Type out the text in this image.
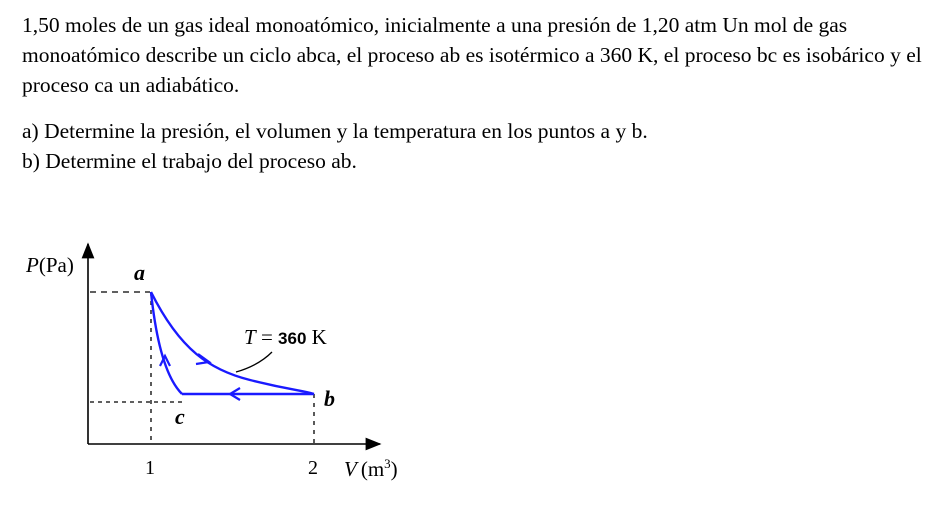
1,50 moles de un gas ideal monoatómico, inicialmente a una presión de 1,20 atm Un mol de gas monoatómico describe un ciclo abca, el proceso ab es isotérmico a 360 K, el proceso bc es isobárico y el proceso ca un adiabático.

a) Determine la presión, el volumen y la temperatura en los puntos a y b.
b) Determine el trabajo del proceso ab.
P(Pa)
V $(m^3)$
1	2
a
b
c
T = 360 K
